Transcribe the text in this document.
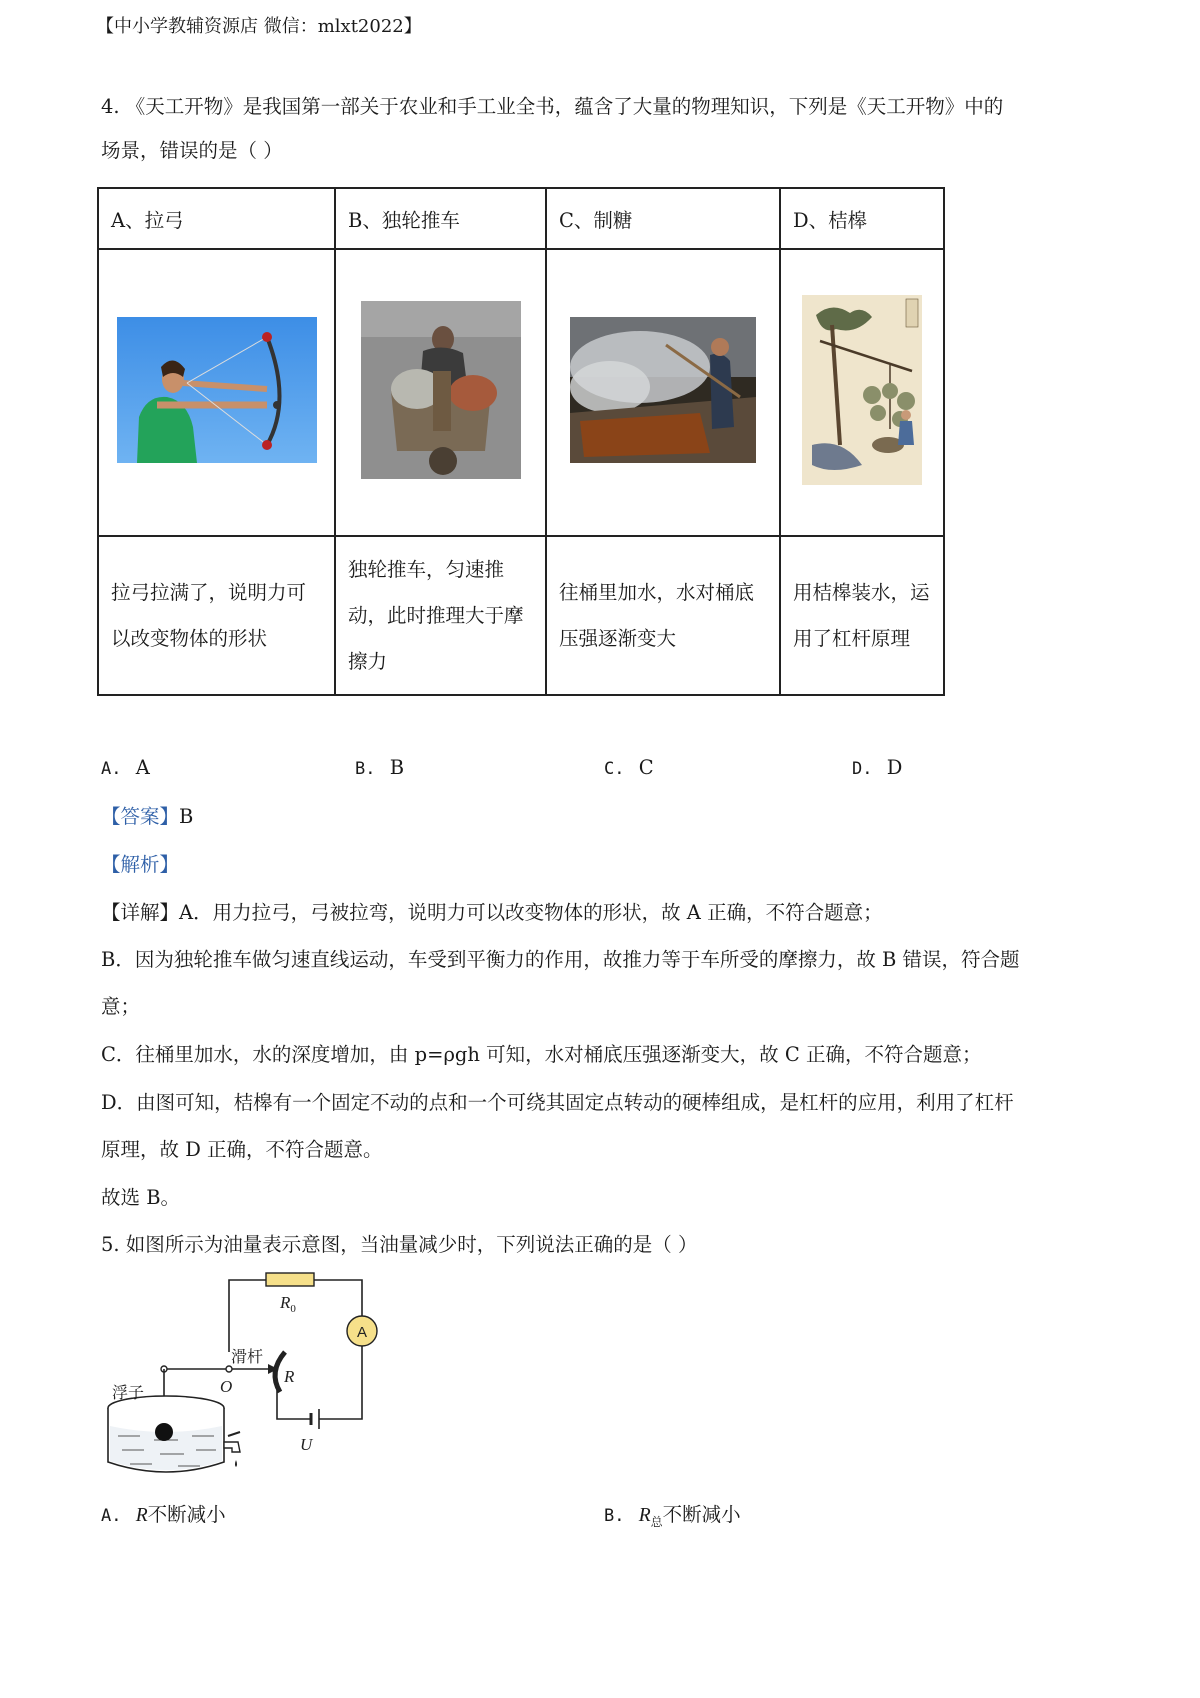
【中小学教辅资源店 微信：mlxt2022】
4. 《天工开物》是我国第一部关于农业和手工业全书，蕴含了大量的物理知识，下列是《天工开物》中的
场景，错误的是（ ）
A、拉弓	B、独轮推车	C、制糖	D、桔槔

拉弓拉满了，说明力可以改变物体的形状	独轮推车，匀速推动，此时推理大于摩擦力	往桶里加水，水对桶底压强逐渐变大	用桔槔装水，运用了杠杆原理
A. A	B. B	C. C	D. D
【答案】B
【解析】
【详解】A．用力拉弓，弓被拉弯，说明力可以改变物体的形状，故 A 正确，不符合题意；
B．因为独轮推车做匀速直线运动，车受到平衡力的作用，故推力等于车所受的摩擦力，故 B 错误，符合题
意；
C．往桶里加水，水的深度增加，由 p=ρgh 可知，水对桶底压强逐渐变大，故 C 正确，不符合题意；
D．由图可知，桔槔有一个固定不动的点和一个可绕其固定点转动的硬棒组成，是杠杆的应用，利用了杠杆
原理，故 D 正确，不符合题意。
故选 B。
5. 如图所示为油量表示意图，当油量减少时，下列说法正确的是（ ）
$R_0$
A
滑杆
R
O
浮子
U
A. R不断减小	B. $R_总$不断减小
